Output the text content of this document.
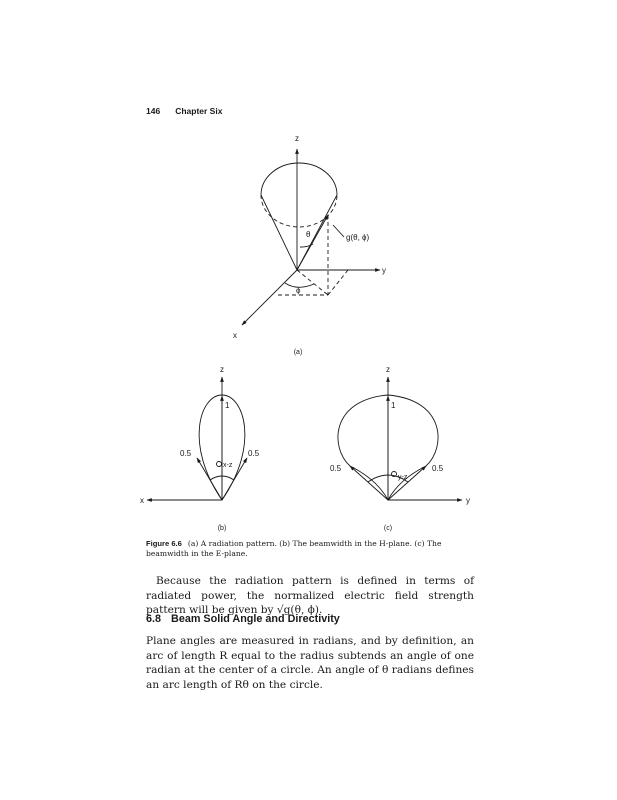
146 Chapter Six
z
y
x
θ
ϕ
g(θ, ϕ)
(a)
z
x
1
0.5	0.5
x-z
(b)
z
y
1
0.5	0.5
y-z
(c)
Figure 6.6 (a) A radiation pattern. (b) The beamwidth in the H-plane. (c) The beamwidth in the E-plane.
Because the radiation pattern is defined in terms of radiated power, the normalized electric field strength pattern will be given by √g(θ, ϕ).
6.8 Beam Solid Angle and Directivity
Plane angles are measured in radians, and by definition, an arc of length R equal to the radius subtends an angle of one radian at the center of a circle. An angle of θ radians defines an arc length of Rθ on the circle.
